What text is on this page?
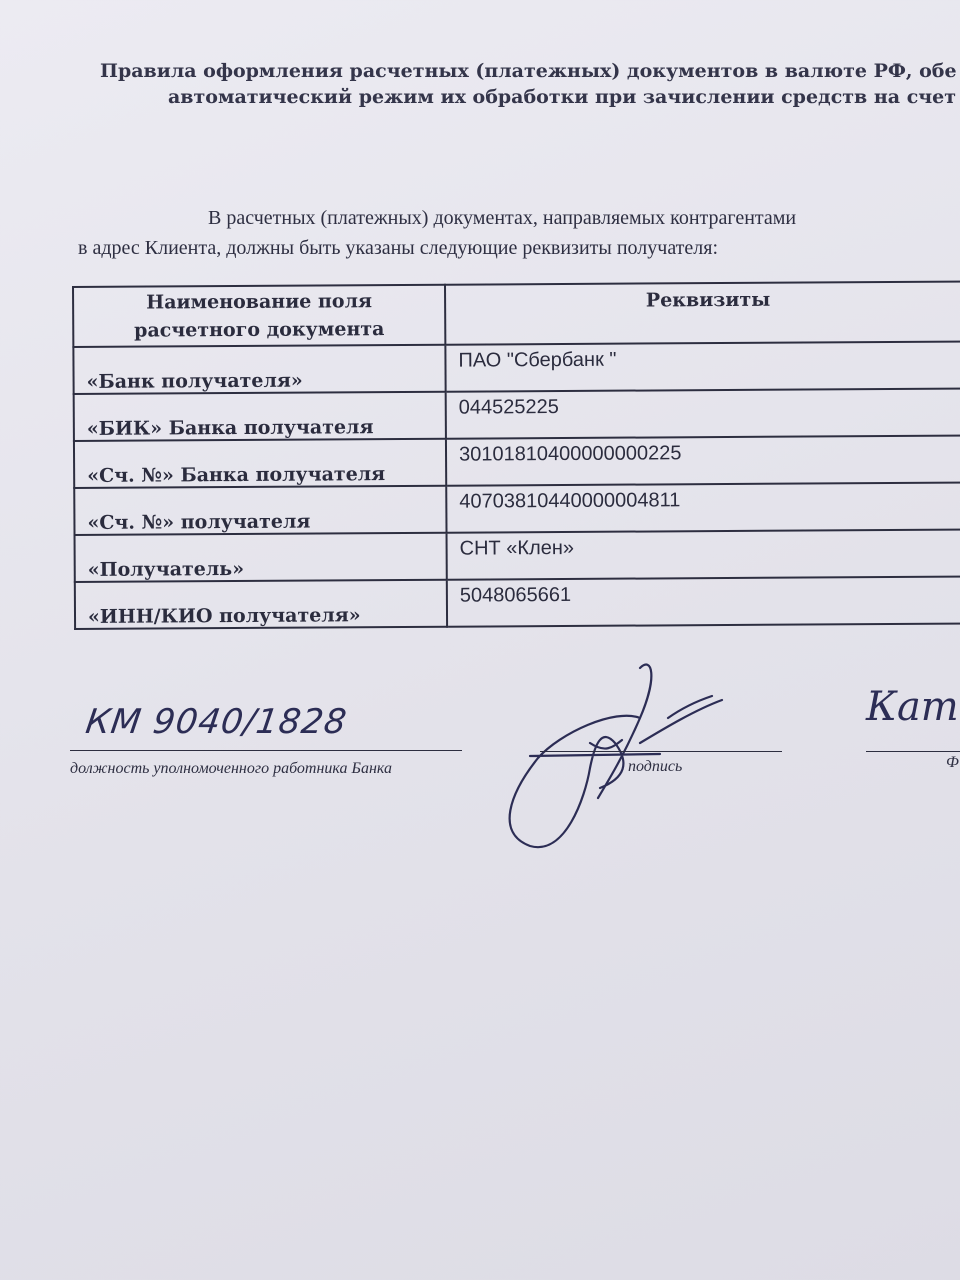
Правила оформления расчетных (платежных) документов в валюте РФ, обе
автоматический режим их обработки при зачислении средств на счет
В расчетных (платежных) документах, направляемых контрагентами
в адрес Клиента, должны быть указаны следующие реквизиты получателя:
Наименование поля расчетного документа	Реквизиты
«Банк получателя»	ПАО "Сбербанк "
«БИК» Банка получателя	044525225
«Сч. №» Банка получателя	30101810400000000225
«Сч. №» получателя	40703810440000004811
«Получатель»	СНТ «Клен»
«ИНН/КИО получателя»	5048065661
КМ 9040/1828
должность уполномоченного работника Банка	подпись
Кат
Ф
